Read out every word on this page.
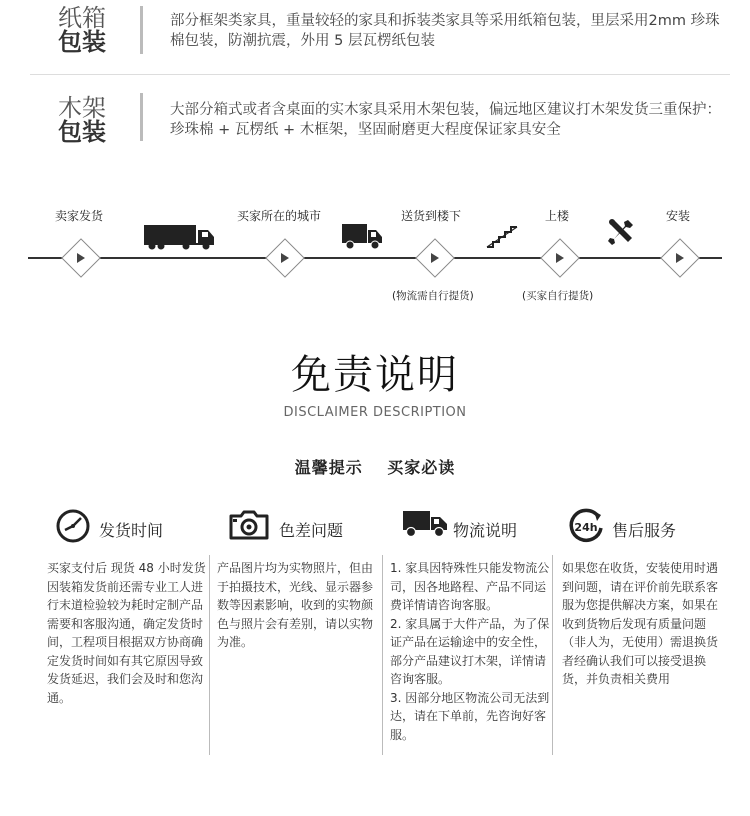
纸箱
包装
部分框架类家具，重量较轻的家具和拆装类家具等采用纸箱包装，里层采用2mm 珍珠棉包装，防潮抗震，外用 5 层瓦楞纸包装
木架
包装
大部分箱式或者含桌面的实木家具采用木架包装，偏远地区建议打木架发货三重保护：珍珠棉 + 瓦楞纸 + 木框架，坚固耐磨更大程度保证家具安全
卖家发货	买家所在的城市	送货到楼下	上楼	安装
(物流需自行提货)	(买家自行提货)
免责说明
DISCLAIMER DESCRIPTION
温馨提示 买家必读
发货时间
买家支付后 现货 48 小时发货 因装箱发货前还需专业工人进行末道检验较为耗时定制产品需要和客服沟通，确定发货时间，工程项目根据双方协商确定发货时间如有其它原因导致发货延迟，我们会及时和您沟通。
色差问题
产品图片均为实物照片，但由于拍摄技术，光线、显示器参数等因素影响，收到的实物颜色与照片会有差别，请以实物为准。
物流说明
1. 家具因特殊性只能发物流公司，因各地路程、产品不同运费详情请咨询客服。
2. 家具属于大件产品，为了保证产品在运输途中的安全性，部分产品建议打木架，详情请咨询客服。
3. 因部分地区物流公司无法到达，请在下单前，先咨询好客服。
24h 售后服务
如果您在收货，安装使用时遇到问题，请在评价前先联系客服为您提供解决方案，如果在收到货物后发现有质量问题（非人为，无使用）需退换货者经确认我们可以接受退换货，并负责相关费用
